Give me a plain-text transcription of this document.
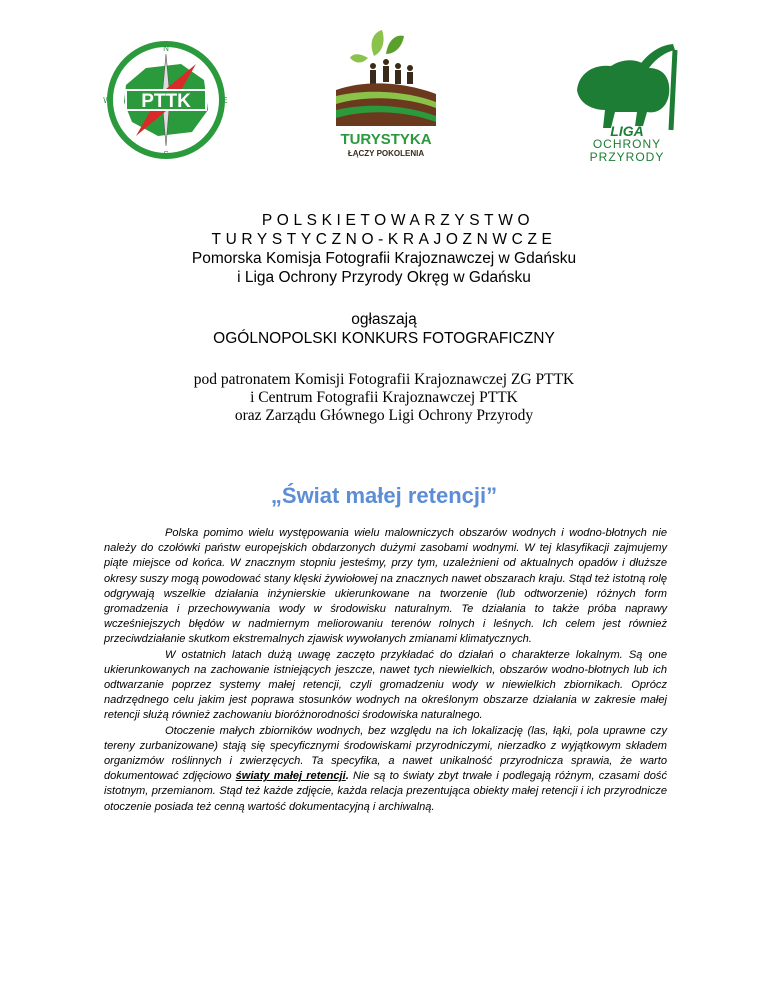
PTTK
N
E
S
W
TURYSTYKA
ŁĄCZY POKOLENIA
LIGA
OCHRONY
PRZYRODY
POLSKIETOWARZYSTWO
TURYSTYCZNO-KRAJOZNWCZE
Pomorska Komisja Fotografii Krajoznawczej w Gdańsku
i Liga Ochrony Przyrody Okręg w Gdańsku
ogłaszają
OGÓLNOPOLSKI KONKURS FOTOGRAFICZNY
pod patronatem Komisji Fotografii Krajoznawczej ZG PTTK
i Centrum Fotografii Krajoznawczej PTTK
oraz Zarządu Głównego Ligi Ochrony Przyrody
„Świat małej retencji”

Polska pomimo wielu występowania wielu malowniczych obszarów wodnych i wodno-błotnych nie należy do czołówki państw europejskich obdarzonych dużymi zasobami wodnymi. W tej klasyfikacji zajmujemy piąte miejsce od końca. W znacznym stopniu jesteśmy, przy tym, uzależnieni od aktualnych opadów i dłuższe okresy suszy mogą powodować stany klęski żywiołowej na znacznych nawet obszarach kraju. Stąd też istotną rolę odgrywają wszelkie działania inżynierskie ukierunkowane na tworzenie (lub odtworzenie) różnych form gromadzenia i przechowywania wody w środowisku naturalnym. Te działania to także próba naprawy wcześniejszych błędów w nadmiernym meliorowaniu terenów rolnych i leśnych. Ich celem jest również przeciwdziałanie skutkom ekstremalnych zjawisk wywołanych zmianami klimatycznych.

W ostatnich latach dużą uwagę zaczęto przykładać do działań o charakterze lokalnym. Są one ukierunkowanych na zachowanie istniejących jeszcze, nawet tych niewielkich, obszarów wodno-błotnych lub ich odtwarzanie poprzez systemy małej retencji, czyli gromadzeniu wody w niewielkich zbiornikach. Oprócz nadrzędnego celu jakim jest poprawa stosunków wodnych na określonym obszarze działania w zakresie małej retencji służą również zachowaniu bioróżnorodności środowiska naturalnego.

Otoczenie małych zbiorników wodnych, bez względu na ich lokalizację (las, łąki, pola uprawne czy tereny zurbanizowane) stają się specyficznymi środowiskami przyrodniczymi, nierzadko z wyjątkowym składem organizmów roślinnych i zwierzęcych. Ta specyfika, a nawet unikalność przyrodnicza sprawia, że warto dokumentować zdjęciowo światy małej retencji. Nie są to światy zbyt trwałe i podlegają różnym, czasami dość istotnym, przemianom. Stąd też każde zdjęcie, każda relacja prezentująca obiekty małej retencji i ich przyrodnicze otoczenie posiada też cenną wartość dokumentacyjną i archiwalną.
